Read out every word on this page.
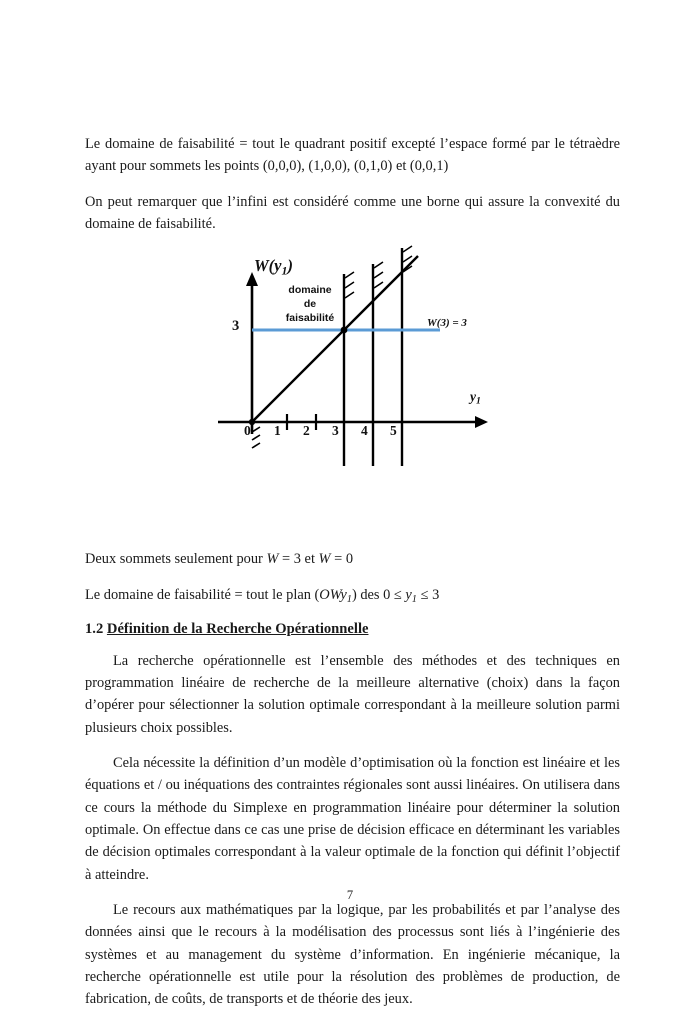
Le domaine de faisabilité = tout le quadrant positif excepté l’espace formé par le tétraèdre ayant pour sommets les points (0,0,0), (1,0,0), (0,1,0) et (0,0,1)

On peut remarquer que l’infini est considéré comme une borne qui assure la convexité du domaine de faisabilité.

Deux sommets seulement pour W = 3 et W = 0

Le domaine de faisabilité = tout le plan (OWy$_1$) des $0 \le y_1 \le 3$

1.2 Définition de la Recherche Opérationnelle

La recherche opérationnelle est l’ensemble des méthodes et des techniques en programmation linéaire de recherche de la meilleure alternative (choix) dans la façon d’opérer pour sélectionner la solution optimale correspondant à la meilleure solution parmi plusieurs choix possibles.

Cela nécessite la définition d’un modèle d’optimisation où la fonction est linéaire et les équations et / ou inéquations des contraintes régionales sont aussi linéaires. On utilisera dans ce cours la méthode du Simplexe en programmation linéaire pour déterminer la solution optimale. On effectue dans ce cas une prise de décision efficace en déterminant les variables de décision optimales correspondant à la valeur optimale de la fonction qui définit l’objectif à atteindre.

Le recours aux mathématiques par la logique, par les probabilités et par l’analyse des données ainsi que le recours à la modélisation des processus sont liés à l’ingénierie des systèmes et au management du système d’information. En ingénierie mécanique, la recherche opérationnelle est utile pour la résolution des problèmes de production, de fabrication, de coûts, de transports et de théorie des jeux.

$W(y_1)$
domaine
de
faisabilité
3	W(3) = 3
$y_1$
0 1 2 3 4 5
7
